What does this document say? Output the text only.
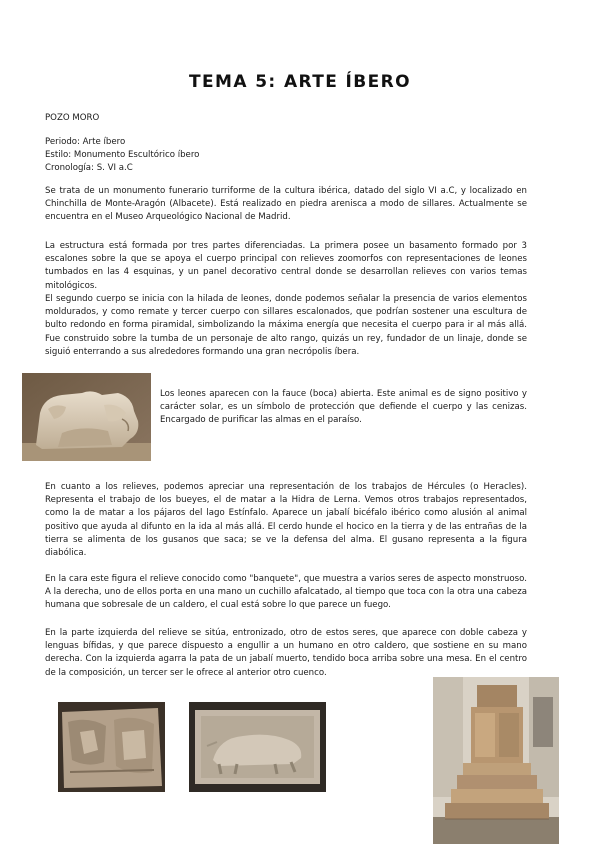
TEMA 5: ARTE ÍBERO
POZO MORO
Periodo: Arte íbero
Estilo: Monumento Escultórico íbero
Cronología: S. VI a.C
Se trata de un monumento funerario turriforme de la cultura ibérica, datado del siglo VI a.C, y localizado en Chinchilla de Monte-Aragón (Albacete). Está realizado en piedra arenisca a modo de sillares. Actualmente se encuentra en el Museo Arqueológico Nacional de Madrid.
La estructura está formada por tres partes diferenciadas. La primera posee un basamento formado por 3 escalones sobre la que se apoya el cuerpo principal con relieves zoomorfos con representaciones de leones tumbados en las 4 esquinas, y un panel decorativo central donde se desarrollan relieves con varios temas mitológicos.
El segundo cuerpo se inicia con la hilada de leones, donde podemos señalar la presencia de varios elementos moldurados, y como remate y tercer cuerpo con sillares escalonados, que podrían sostener una escultura de bulto redondo en forma piramidal, simbolizando la máxima energía que necesita el cuerpo para ir al más allá. Fue construido sobre la tumba de un personaje de alto rango, quizás un rey, fundador de un linaje, donde se siguió enterrando a sus alrededores formando una gran necrópolis íbera.
Los leones aparecen con la fauce (boca) abierta. Este animal es de signo positivo y carácter solar, es un símbolo de protección que defiende el cuerpo y las cenizas. Encargado de purificar las almas en el paraíso.
En cuanto a los relieves, podemos apreciar una representación de los trabajos de Hércules (o Heracles). Representa el trabajo de los bueyes, el de matar a la Hidra de Lerna. Vemos otros trabajos representados, como la de matar a los pájaros del lago Estínfalo. Aparece un jabalí bicéfalo ibérico como alusión al animal positivo que ayuda al difunto en la ida al más allá. El cerdo hunde el hocico en la tierra y de las entrañas de la tierra se alimenta de los gusanos que saca; se ve la defensa del alma. El gusano representa a la figura diabólica.
En la cara este figura el relieve conocido como "banquete", que muestra a varios seres de aspecto monstruoso. A la derecha, uno de ellos porta en una mano un cuchillo afalcatado, al tiempo que toca con la otra una cabeza humana que sobresale de un caldero, el cual está sobre lo que parece un fuego.
En la parte izquierda del relieve se sitúa, entronizado, otro de estos seres, que aparece con doble cabeza y lenguas bífidas, y que parece dispuesto a engullir a un humano en otro caldero, que sostiene en su mano derecha. Con la izquierda agarra la pata de un jabalí muerto, tendido boca arriba sobre una mesa. En el centro de la composición, un tercer ser le ofrece al anterior otro cuenco.
